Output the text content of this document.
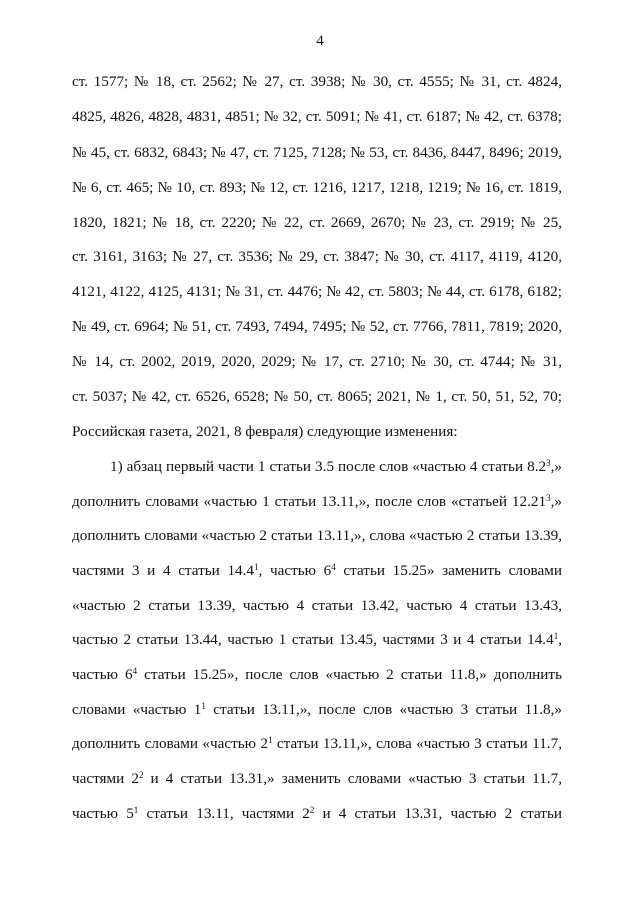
4
ст. 1577; № 18, ст. 2562; № 27, ст. 3938; № 30, ст. 4555; № 31, ст. 4824,
4825, 4826, 4828, 4831, 4851; № 32, ст. 5091; № 41, ст. 6187; № 42, ст. 6378;
№ 45, ст. 6832, 6843; № 47, ст. 7125, 7128; № 53, ст. 8436, 8447, 8496; 2019,
№ 6, ст. 465; № 10, ст. 893; № 12, ст. 1216, 1217, 1218, 1219; № 16, ст. 1819,
1820, 1821; № 18, ст. 2220; № 22, ст. 2669, 2670; № 23, ст. 2919; № 25,
ст. 3161, 3163; № 27, ст. 3536; № 29, ст. 3847; № 30, ст. 4117, 4119, 4120,
4121, 4122, 4125, 4131; № 31, ст. 4476; № 42, ст. 5803; № 44, ст. 6178, 6182;
№ 49, ст. 6964; № 51, ст. 7493, 7494, 7495; № 52, ст. 7766, 7811, 7819; 2020,
№ 14, ст. 2002, 2019, 2020, 2029; № 17, ст. 2710; № 30, ст. 4744; № 31,
ст. 5037; № 42, ст. 6526, 6528; № 50, ст. 8065; 2021, № 1, ст. 50, 51, 52, 70;
Российская газета, 2021, 8 февраля) следующие изменения:
1) абзац первый части 1 статьи 3.5 после слов «частью 4 статьи $8.2^3$,»
дополнить словами «частью 1 статьи 13.11,», после слов «статьей 12.21$^3$,»
дополнить словами «частью 2 статьи 13.11,», слова «частью 2 статьи 13.39,
частями 3 и 4 статьи 14.4$^1$, частью $6^4$ статьи 15.25» заменить словами
«частью 2 статьи 13.39, частью 4 статьи 13.42, частью 4 статьи 13.43,
частью 2 статьи 13.44, частью 1 статьи 13.45, частями 3 и 4 статьи 14.4$^1$,
частью $6^4$ статьи 15.25», после слов «частью 2 статьи 11.8,» дополнить
словами «частью $1^1$ статьи 13.11,», после слов «частью 3 статьи 11.8,»
дополнить словами «частью $2^1$ статьи 13.11,», слова «частью 3 статьи 11.7,
частями $2^2$ и 4 статьи 13.31,» заменить словами «частью 3 статьи 11.7,
частью $5^1$ статьи 13.11, частями $2^2$ и 4 статьи 13.31, частью 2 статьи
